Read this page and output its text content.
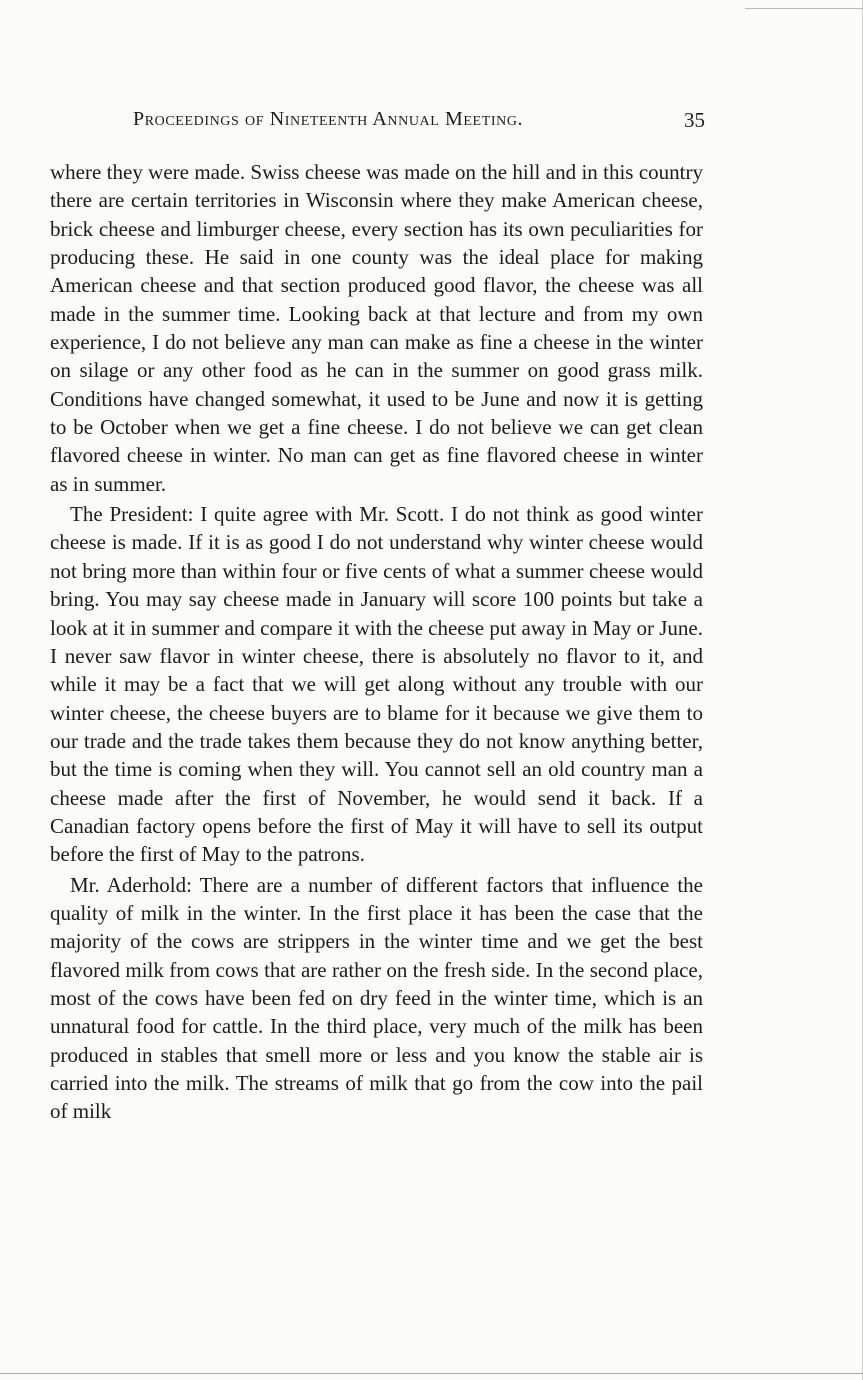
Proceedings of Nineteenth Annual Meeting.	35

where they were made. Swiss cheese was made on the hill and in this country there are certain territories in Wisconsin where they make American cheese, brick cheese and limburger cheese, every section has its own peculiarities for producing these. He said in one county was the ideal place for making American cheese and that section produced good flavor, the cheese was all made in the summer time. Looking back at that lecture and from my own experience, I do not believe any man can make as fine a cheese in the winter on silage or any other food as he can in the summer on good grass milk. Conditions have changed somewhat, it used to be June and now it is getting to be October when we get a fine cheese. I do not believe we can get clean flavored cheese in winter. No man can get as fine flavored cheese in winter as in summer.

The President: I quite agree with Mr. Scott. I do not think as good winter cheese is made. If it is as good I do not understand why winter cheese would not bring more than within four or five cents of what a summer cheese would bring. You may say cheese made in January will score 100 points but take a look at it in summer and compare it with the cheese put away in May or June. I never saw flavor in winter cheese, there is absolutely no flavor to it, and while it may be a fact that we will get along without any trouble with our winter cheese, the cheese buyers are to blame for it because we give them to our trade and the trade takes them because they do not know anything better, but the time is coming when they will. You cannot sell an old country man a cheese made after the first of November, he would send it back. If a Canadian factory opens before the first of May it will have to sell its output before the first of May to the patrons.

Mr. Aderhold: There are a number of different factors that influence the quality of milk in the winter. In the first place it has been the case that the majority of the cows are strippers in the winter time and we get the best flavored milk from cows that are rather on the fresh side. In the second place, most of the cows have been fed on dry feed in the winter time, which is an unnatural food for cattle. In the third place, very much of the milk has been produced in stables that smell more or less and you know the stable air is carried into the milk. The streams of milk that go from the cow into the pail of milk
